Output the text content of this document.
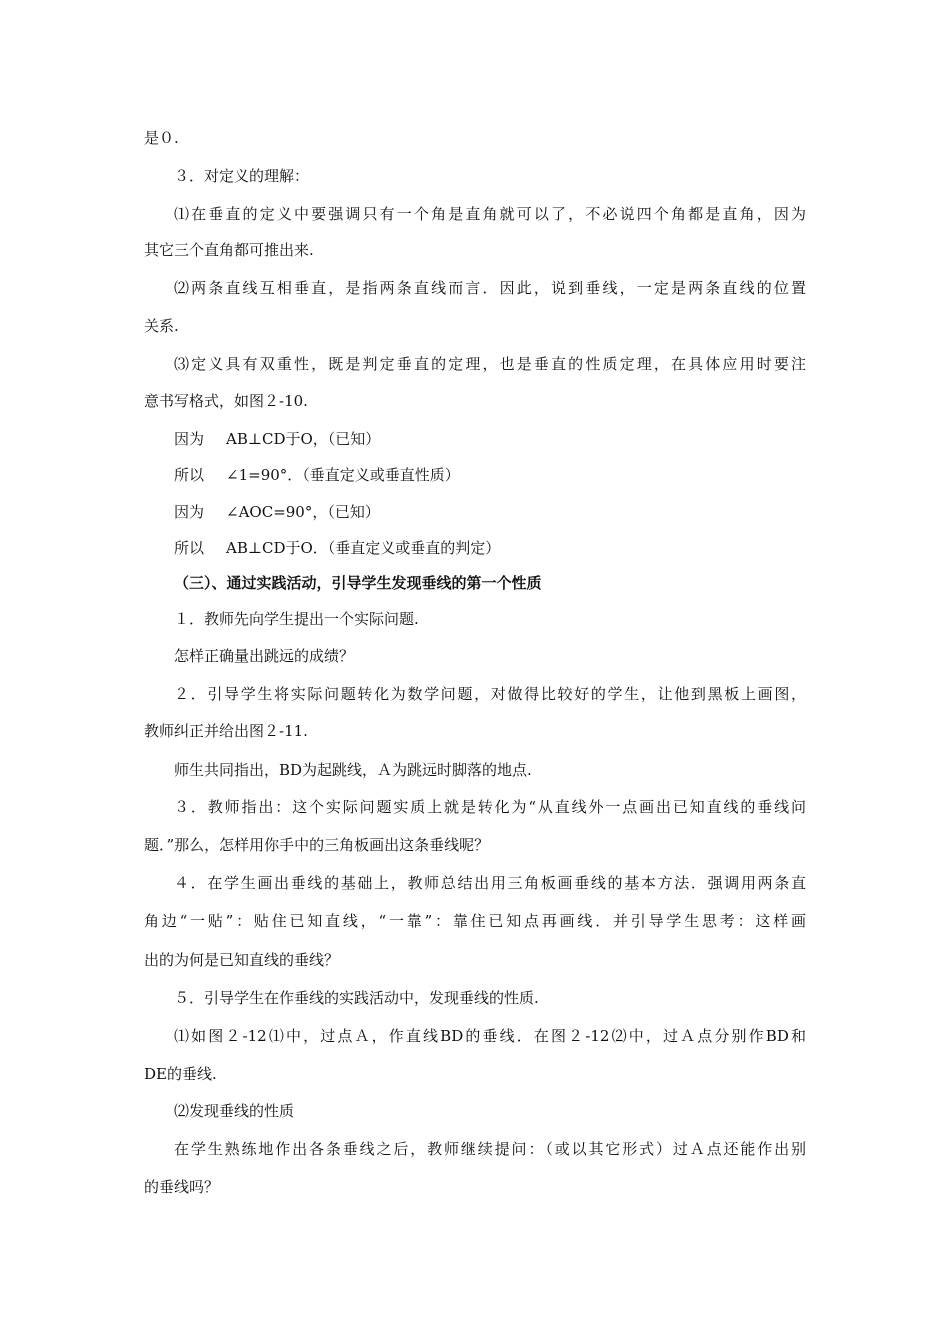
是０.

３．对定义的理解：

⑴在垂直的定义中要强调只有一个角是直角就可以了，不必说四个角都是直角，因为

其它三个直角都可推出来.

⑵两条直线互相垂直，是指两条直线而言．因此，说到垂线，一定是两条直线的位置

关系.

⑶定义具有双重性，既是判定垂直的定理，也是垂直的性质定理，在具体应用时要注

意书写格式，如图２-10.

因为 AB⊥CD于O，（已知）

所以 ∠1=90°．（垂直定义或垂直性质）

因为 ∠AOC=90°，（已知）

所以 AB⊥CD于O．（垂直定义或垂直的判定）

（三）、通过实践活动，引导学生发现垂线的第一个性质

１．教师先向学生提出一个实际问题.

怎样正确量出跳远的成绩？

２．引导学生将实际问题转化为数学问题，对做得比较好的学生，让他到黑板上画图，

教师纠正并给出图２-11.

师生共同指出，BD为起跳线，Ａ为跳远时脚落的地点.

３．教师指出：这个实际问题实质上就是转化为“从直线外一点画出已知直线的垂线问

题．”那么，怎样用你手中的三角板画出这条垂线呢？

４．在学生画出垂线的基础上，教师总结出用三角板画垂线的基本方法．强调用两条直

角边“一贴”：贴住已知直线，“一靠”：靠住已知点再画线．并引导学生思考：这样画

出的为何是已知直线的垂线？

５．引导学生在作垂线的实践活动中，发现垂线的性质.

⑴如图２-12⑴中，过点Ａ，作直线BD的垂线．在图２-12⑵中，过Ａ点分别作BD和

DE的垂线.

⑵发现垂线的性质

在学生熟练地作出各条垂线之后，教师继续提问：（或以其它形式）过Ａ点还能作出别

的垂线吗？
